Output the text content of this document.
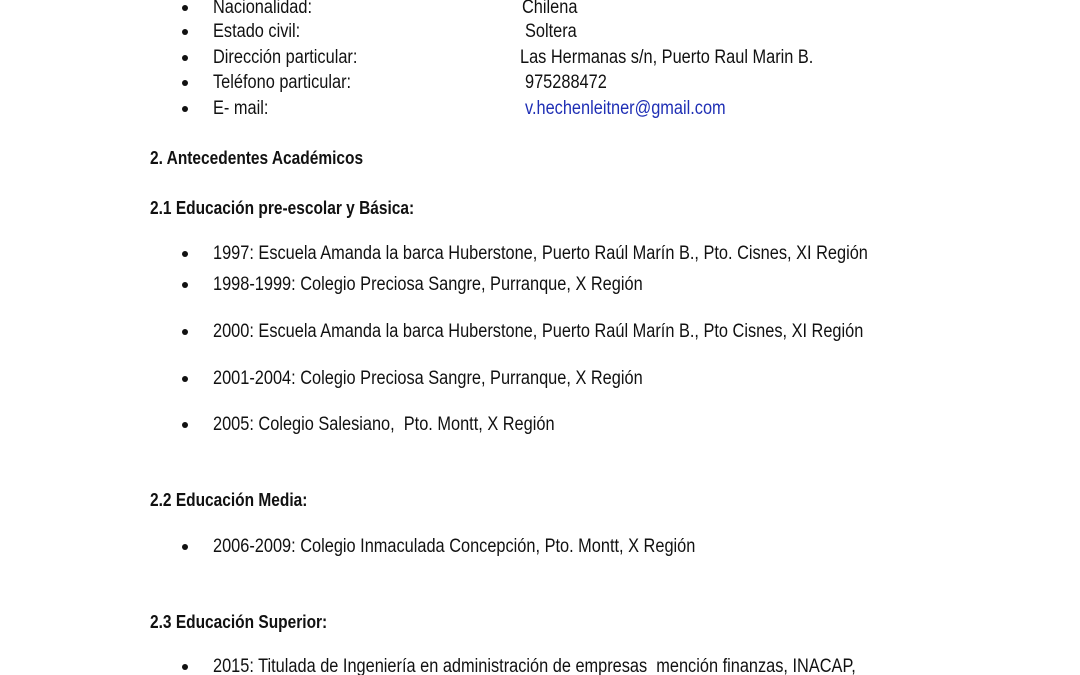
Nacionalidad:	Chilena
Estado civil:	Soltera
Dirección particular:	Las Hermanas s/n, Puerto Raul Marin B.
Teléfono particular:	975288472
E- mail:	v.hechenleitner@gmail.com
2. Antecedentes Académicos
2.1 Educación pre-escolar y Básica:
1997: Escuela Amanda la barca Huberstone, Puerto Raúl Marín B., Pto. Cisnes, XI Región
1998-1999: Colegio Preciosa Sangre, Purranque, X Región
2000: Escuela Amanda la barca Huberstone, Puerto Raúl Marín B., Pto Cisnes, XI Región
2001-2004: Colegio Preciosa Sangre, Purranque, X Región
2005: Colegio Salesiano,  Pto. Montt, X Región
2.2 Educación Media:
2006-2009: Colegio Inmaculada Concepción, Pto. Montt, X Región
2.3 Educación Superior:
2015: Titulada de Ingeniería en administración de empresas  mención finanzas, INACAP,
